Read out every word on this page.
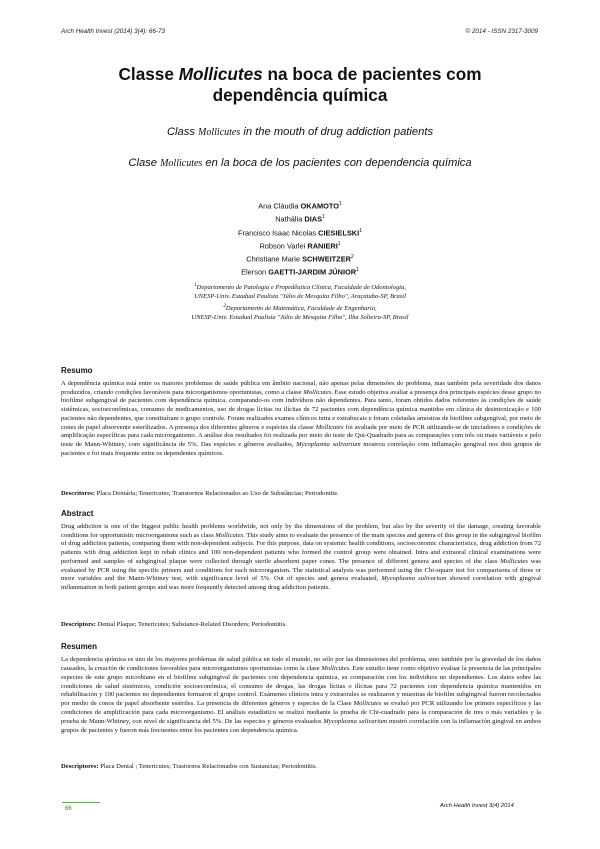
Arch Health Invest (2014) 3(4): 66-73	© 2014 - ISSN 2317-3009
Classe Mollicutes na boca de pacientes com
dependência química
Class Mollicutes in the mouth of drug addiction patients
Clase Mollicutes en la boca de los pacientes con dependencia química
Ana Cláudia OKAMOTO$^1$
Nathália DIAS$^1$
Francisco Isaac Nicolas CIESIELSKI$^1$
Robson Varlei RANIERI$^1$
Christiane Marie SCHWEITZER$^2$
Elerson GAETTI-JARDIM JÚNIOR$^1$
$^1$Departamento de Patologia e Propedêutica Clínica, Faculdade de Odontologia,
UNESP-Univ. Estadual Paulista "Júlio de Mesquita Filho", Araçatuba-SP, Brasil
$^2$Departamento de Matemática, Faculdade de Engenharia,
UNESP-Univ. Estadual Paulista "Júlio de Mesquita Filho", Ilha Solteira-SP, Brasil
Resumo

A dependência química está entre os maiores problemas de saúde pública em âmbito nacional, não apenas pelas dimensões do problema, mas também pela severidade dos danos produzidos, criando condições favoráveis para microrganismos oportunistas, como a classe Mollicutes. Esse estudo objetiva avaliar a presença dos principais espécies desse grupo no biofilme subgengival de pacientes com dependência química, comparando-os com indivíduos não dependentes. Para tanto, foram obtidos dados referentes às condições de saúde sistêmicas, socioeconômicas, consumo de medicamentos, uso de drogas lícitas ou ilícitas de 72 pacientes com dependência química mantidos em clínica de desintoxicação e 100 pacientes não dependentes, que constituíram o grupo controle. Foram realizados exames clínicos intra e extrabucais e foram coletadas amostras de biofilme subgengival, por meio de cones de papel absorvente esterilizados. A presença dos diferentes gêneros e espécies da classe Mollicutes foi avaliada por meio de PCR utilizando-se de iniciadores e condições de amplificação específicas para cada microrganismo. A análise dos resultados foi realizada por meio do teste de Qui-Quadrado para as comparações com três ou mais variáveis e pelo teste de Mann-Whitney, com significância de 5%. Das espécies e gêneros avaliados, Mycoplasma salivarium mostrou correlação com inflamação gengival nos dois grupos de pacientes e foi mais frequente entre os dependentes químicos.

Descritores: Placa Dentária; Tenericutes; Transtornos Relacionados ao Uso de Substâncias; Periodontite.

Abstract

Drug addiction is one of the biggest public health problems worldwide, not only by the dimensions of the problem, but also by the severity of the damage, creating favorable conditions for opportunistic microorganisms such as class Mollicutes. This study aims to evaluate the presence of the main species and genera of this group in the subgingival biofilm of drug addiction patients, comparing them with non-dependent subjects. For this purpose, data on systemic health conditions, socioeconomic characteristics, drug addiction from 72 patients with drug addiction kept in rehab clinics and 100 non-dependent patients who formed the control group were obtained. Intra and extraoral clinical examinations were performed and samples of subgingival plaque were collected through sterile absorbent paper cones. The presence of different genera and species of the class Mollicutes was evaluated by PCR using the specific primers and conditions for each microorganism. The statistical analysis was performed using the Chi-square test for comparisons of three or more variables and the Mann-Whitney test, with significance level of 5%. Out of species and genera evaluated, Mycoplasma salivarium showed correlation with gingival inflammation in both patient groups and was more frequently detected among drug addiction patients.

Descriptors: Dental Plaque; Tenericutes; Substance-Related Disorders; Periodontitis.

Resumen

La dependencia química es uno de los mayores problemas de salud pública en todo el mundo, no sólo por las dimensiones del problema, sino también por la gravedad de los daños causados, la creación de condiciones favorables para microorganismos oportunistas como la clase Mollicutes. Este estudio tiene como objetivo evaluar la presencia de las principales especies de este grupo microbiano en el biofilme subgingival de pacientes con dependencia química, su comparación con los individuos no dependientes. Los datos sobre las condiciones de salud sistémicos, condición socioeconómica, el consumo de drogas, las drogas lícitas o ilícitas para 72 pacientes con dependencia química mantenidos en rehabilitación y 100 pacientes no dependientes formaron el grupo control. Exámenes clínicos intra y extraorales se realizaron y muestras de biofilm subgingival fueron recolectados por medio de conos de papel absorbente estériles. La presencia de diferentes géneros y especies de la Clase Mollicutes se evaluó por PCR utilizando los primers específicos y las condiciones de amplificación para cada microorganismo. El análisis estadístico se realizó mediante la prueba de Chi-cuadrado para la comparación de tres o más variables y la prueba de Mann-Whitney, con nivel de significancia del 5%. De las especies y géneros evaluados Mycoplasma salivarium mostró correlación con la inflamación gingival en ambos grupos de pacientes y fueron más frecuentes entre los pacientes con dependencia química.

Descriptores: Placa Dental ; Tenericutes; Trastornos Relacionados con Sustancias; Periodontitis.

66	Arch Health Invest 3(4) 2014
